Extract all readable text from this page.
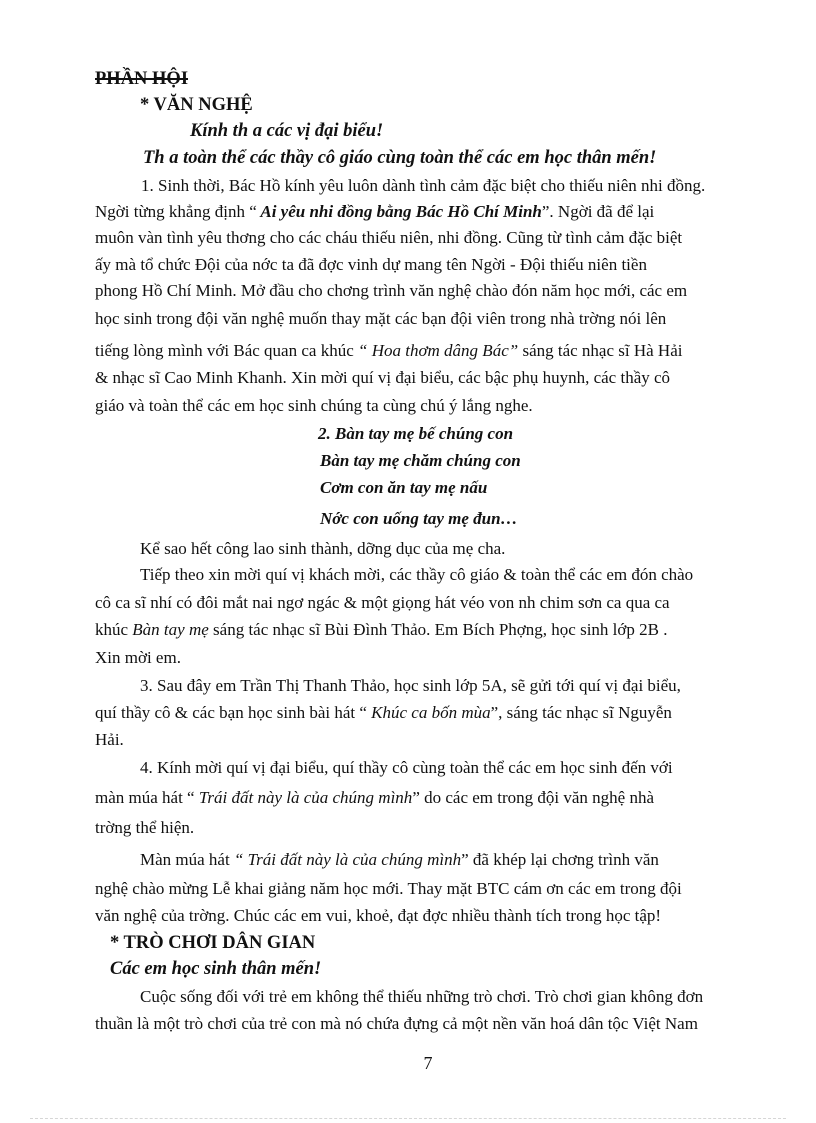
PHẦN HỘI
* VĂN NGHỆ
Kính th a các vị đại biểu!
Th a toàn thể các thầy cô giáo cùng toàn thể các em học thân mến!
1. Sinh thời, Bác Hồ kính yêu luôn dành tình cảm đặc biệt cho thiếu niên nhi đồng.
Ngời từng khẳng định “ Ai yêu nhi đồng bằng Bác Hồ Chí Minh”. Ngời đã để lại
muôn vàn tình yêu thơng cho các cháu thiếu niên, nhi đồng. Cũng từ tình cảm đặc biệt
ấy mà tổ chức Đội của nớc ta đã đợc vinh dự mang tên Ngời - Đội thiếu niên tiền
phong Hồ Chí Minh. Mở đầu cho chơng trình văn nghệ chào đón năm học mới, các em
học sinh trong đội văn nghệ muốn thay mặt các bạn đội viên trong nhà trờng nói lên
tiếng lòng mình với Bác quan ca khúc “ Hoa thơm dâng Bác” sáng tác nhạc sĩ Hà Hải
& nhạc sĩ Cao Minh Khanh. Xin mời quí vị đại biểu, các bậc phụ huynh, các thầy cô
giáo và toàn thể các em học sinh chúng ta cùng chú ý lắng nghe.
2. Bàn tay mẹ bế chúng con
Bàn tay mẹ chăm chúng con
Cơm con ăn tay mẹ nấu
Nớc con uống tay mẹ đun…
Kể sao hết công lao sinh thành, dỡng dục của mẹ cha.
Tiếp theo xin mời quí vị khách mời, các thầy cô giáo & toàn thể các em đón chào
cô ca sĩ nhí có đôi mắt nai ngơ ngác & một giọng hát véo von nh chim sơn ca qua ca
khúc Bàn tay mẹ sáng tác nhạc sĩ Bùi Đình Thảo. Em Bích Phợng, học sinh lớp 2B .
Xin mời em.
3. Sau đây em Trần Thị Thanh Thảo, học sinh lớp 5A, sẽ gửi tới quí vị đại biểu,
quí thầy cô & các bạn học sinh bài hát “ Khúc ca bốn mùa”, sáng tác nhạc sĩ Nguyễn
Hải.
4. Kính mời quí vị đại biểu, quí thầy cô cùng toàn thể các em học sinh đến với
màn múa hát “ Trái đất này là của chúng mình” do các em trong đội văn nghệ nhà
trờng thể hiện.
Màn múa hát “ Trái đất này là của chúng mình” đã khép lại chơng trình văn
nghệ chào mừng Lễ khai giảng năm học mới. Thay mặt BTC cám ơn các em trong đội
văn nghệ của trờng. Chúc các em vui, khoẻ, đạt đợc nhiều thành tích trong học tập!
* TRÒ CHƠI DÂN GIAN
Các em học sinh thân mến!
Cuộc sống đối với trẻ em không thể thiếu những trò chơi. Trò chơi gian không đơn
thuần là một trò chơi của trẻ con mà nó chứa đựng cả một nền văn hoá dân tộc Việt Nam
7
